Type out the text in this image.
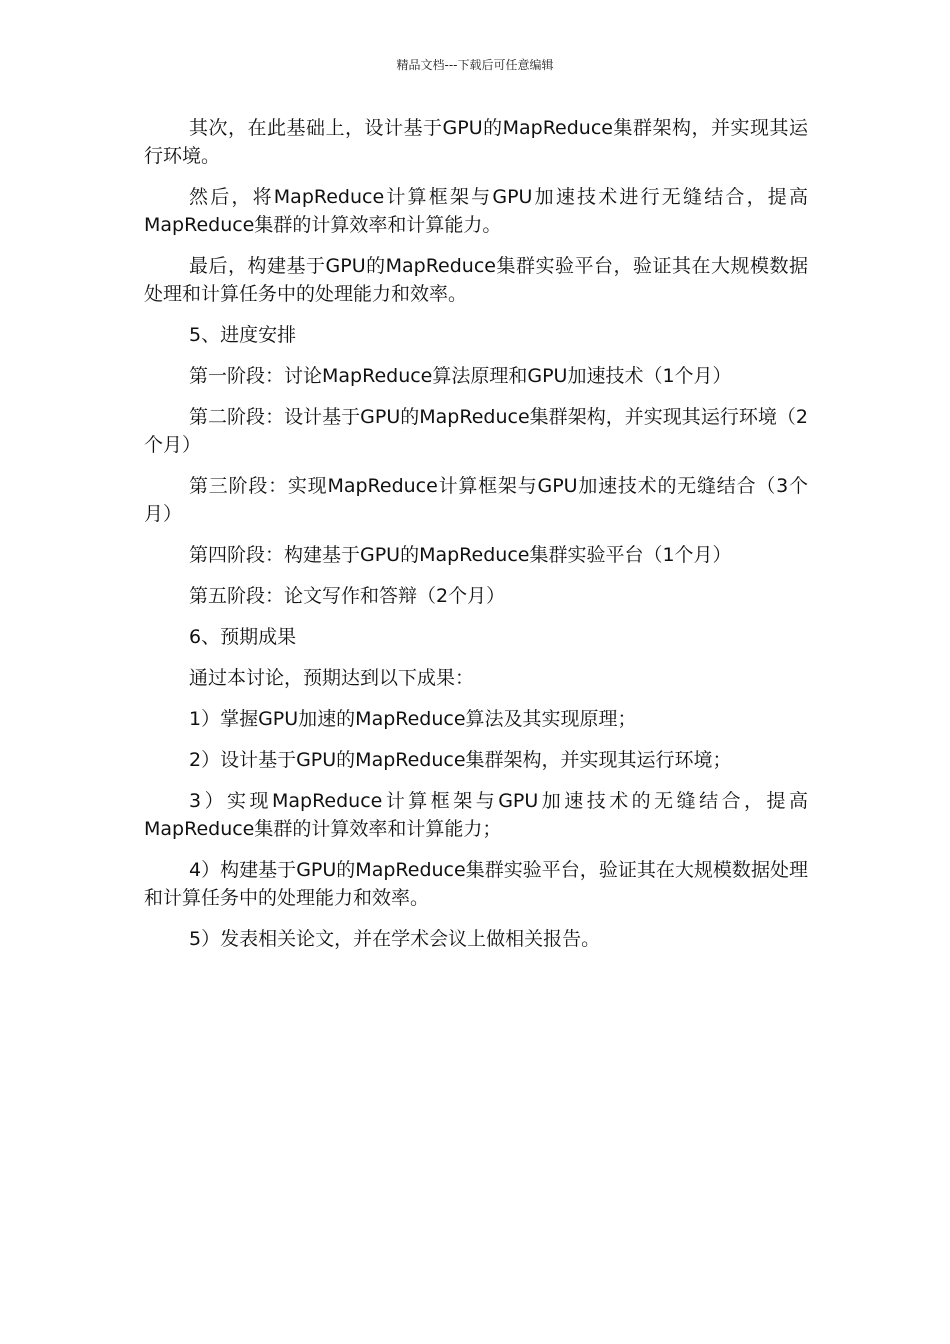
精品文档---下载后可任意编辑

其次，在此基础上，设计基于GPU的MapReduce集群架构，并实现其运行环境。

然后，将MapReduce计算框架与GPU加速技术进行无缝结合，提高MapReduce集群的计算效率和计算能力。

最后，构建基于GPU的MapReduce集群实验平台，验证其在大规模数据处理和计算任务中的处理能力和效率。

5、进度安排

第一阶段：讨论MapReduce算法原理和GPU加速技术（1个月）

第二阶段：设计基于GPU的MapReduce集群架构，并实现其运行环境（2个月）

第三阶段：实现MapReduce计算框架与GPU加速技术的无缝结合（3个月）

第四阶段：构建基于GPU的MapReduce集群实验平台（1个月）

第五阶段：论文写作和答辩（2个月）

6、预期成果

通过本讨论，预期达到以下成果：

1）掌握GPU加速的MapReduce算法及其实现原理；

2）设计基于GPU的MapReduce集群架构，并实现其运行环境；

3）实现MapReduce计算框架与GPU加速技术的无缝结合，提高MapReduce集群的计算效率和计算能力；

4）构建基于GPU的MapReduce集群实验平台，验证其在大规模数据处理和计算任务中的处理能力和效率。

5）发表相关论文，并在学术会议上做相关报告。
